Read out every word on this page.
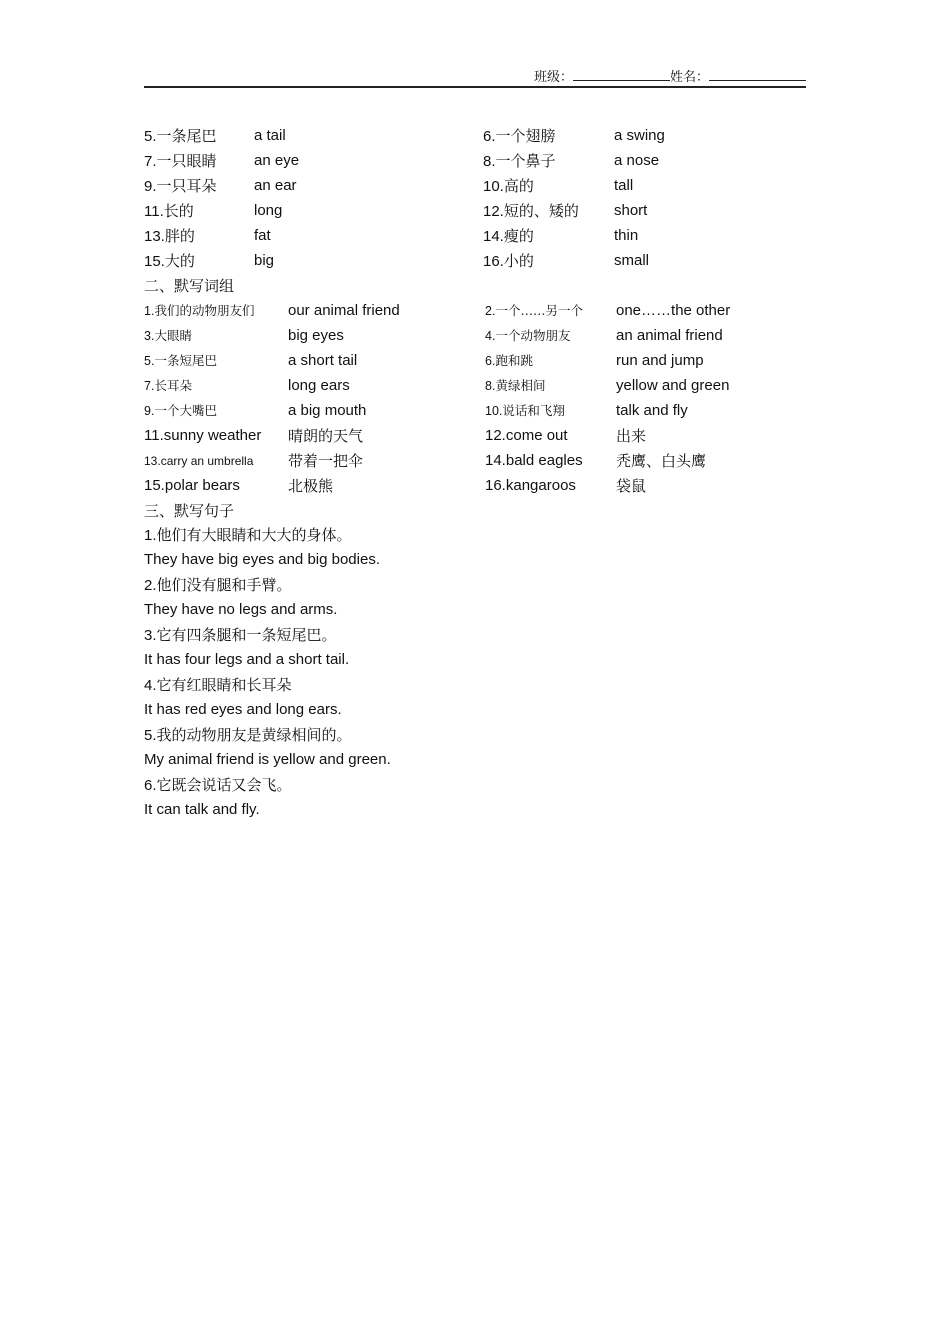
班级：	姓名：
5.一条尾巴 a tail	6.一个翅膀	a swing
7.一只眼睛 an eye	8.一个鼻子	a nose
9.一只耳朵 an ear	10.高的	tall
11.长的	long	12.短的、矮的 short
13.胖的	fat	14.瘦的	thin
15.大的	big	16.小的	small
二、默写词组
1.我们的动物朋友们 our animal friend	2.一个……另一个 one……the other
3.大眼睛	big eyes	4.一个动物朋友	an animal friend
5.一条短尾巴	a short tail	6.跑和跳	run and jump
7.长耳朵	long ears	8.黄绿相间	yellow and green
9.一个大嘴巴	a big mouth	10.说话和飞翔	talk and fly
11.sunny weather 晴朗的天气	12.come out	出来
13.carry an umbrella 带着一把伞	14.bald eagles 秃鹰、白头鹰
15.polar bears	北极熊	16.kangaroos	袋鼠
三、默写句子
1.他们有大眼睛和大大的身体。
They have big eyes and big bodies.
2.他们没有腿和手臂。
They have no legs and arms.
3.它有四条腿和一条短尾巴。
It has four legs and a short tail.
4.它有红眼睛和长耳朵
It has red eyes and long ears.
5.我的动物朋友是黄绿相间的。
My animal friend is yellow and green.
6.它既会说话又会飞。
It can talk and fly.
